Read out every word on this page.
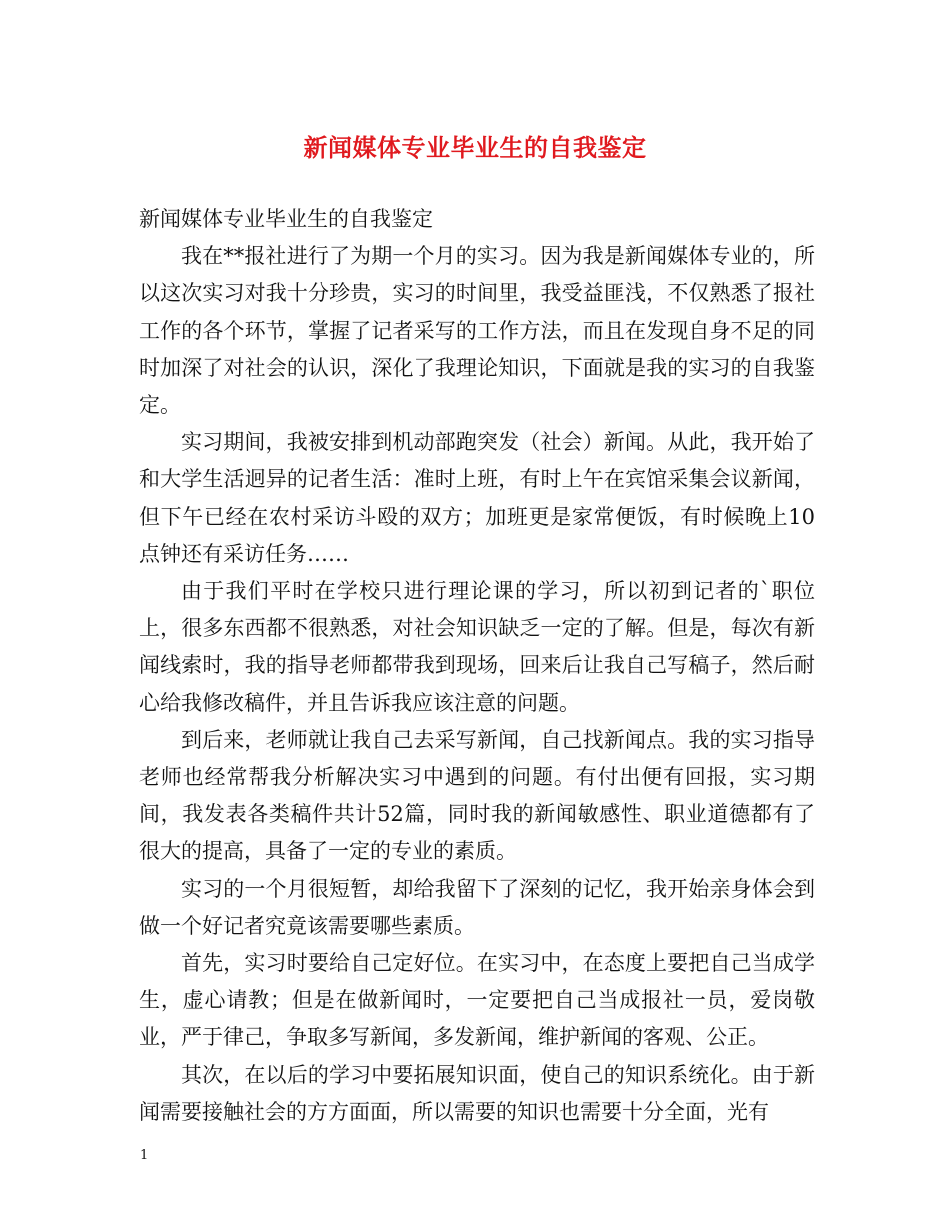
新闻媒体专业毕业生的自我鉴定

新闻媒体专业毕业生的自我鉴定

我在**报社进行了为期一个月的实习。因为我是新闻媒体专业的，所以这次实习对我十分珍贵，实习的时间里，我受益匪浅，不仅熟悉了报社工作的各个环节，掌握了记者采写的工作方法，而且在发现自身不足的同时加深了对社会的认识，深化了我理论知识，下面就是我的实习的自我鉴定。

实习期间，我被安排到机动部跑突发（社会）新闻。从此，我开始了和大学生活迥异的记者生活：准时上班，有时上午在宾馆采集会议新闻，但下午已经在农村采访斗殴的双方；加班更是家常便饭，有时候晚上10点钟还有采访任务……

由于我们平时在学校只进行理论课的学习，所以初到记者的`职位上，很多东西都不很熟悉，对社会知识缺乏一定的了解。但是，每次有新闻线索时，我的指导老师都带我到现场，回来后让我自己写稿子，然后耐心给我修改稿件，并且告诉我应该注意的问题。

到后来，老师就让我自己去采写新闻，自己找新闻点。我的实习指导老师也经常帮我分析解决实习中遇到的问题。有付出便有回报，实习期间，我发表各类稿件共计52篇，同时我的新闻敏感性、职业道德都有了很大的提高，具备了一定的专业的素质。

实习的一个月很短暂，却给我留下了深刻的记忆，我开始亲身体会到做一个好记者究竟该需要哪些素质。

首先，实习时要给自己定好位。在实习中，在态度上要把自己当成学生，虚心请教；但是在做新闻时，一定要把自己当成报社一员，爱岗敬业，严于律己，争取多写新闻，多发新闻，维护新闻的客观、公正。

其次，在以后的学习中要拓展知识面，使自己的知识系统化。由于新闻需要接触社会的方方面面，所以需要的知识也需要十分全面，光有

1
